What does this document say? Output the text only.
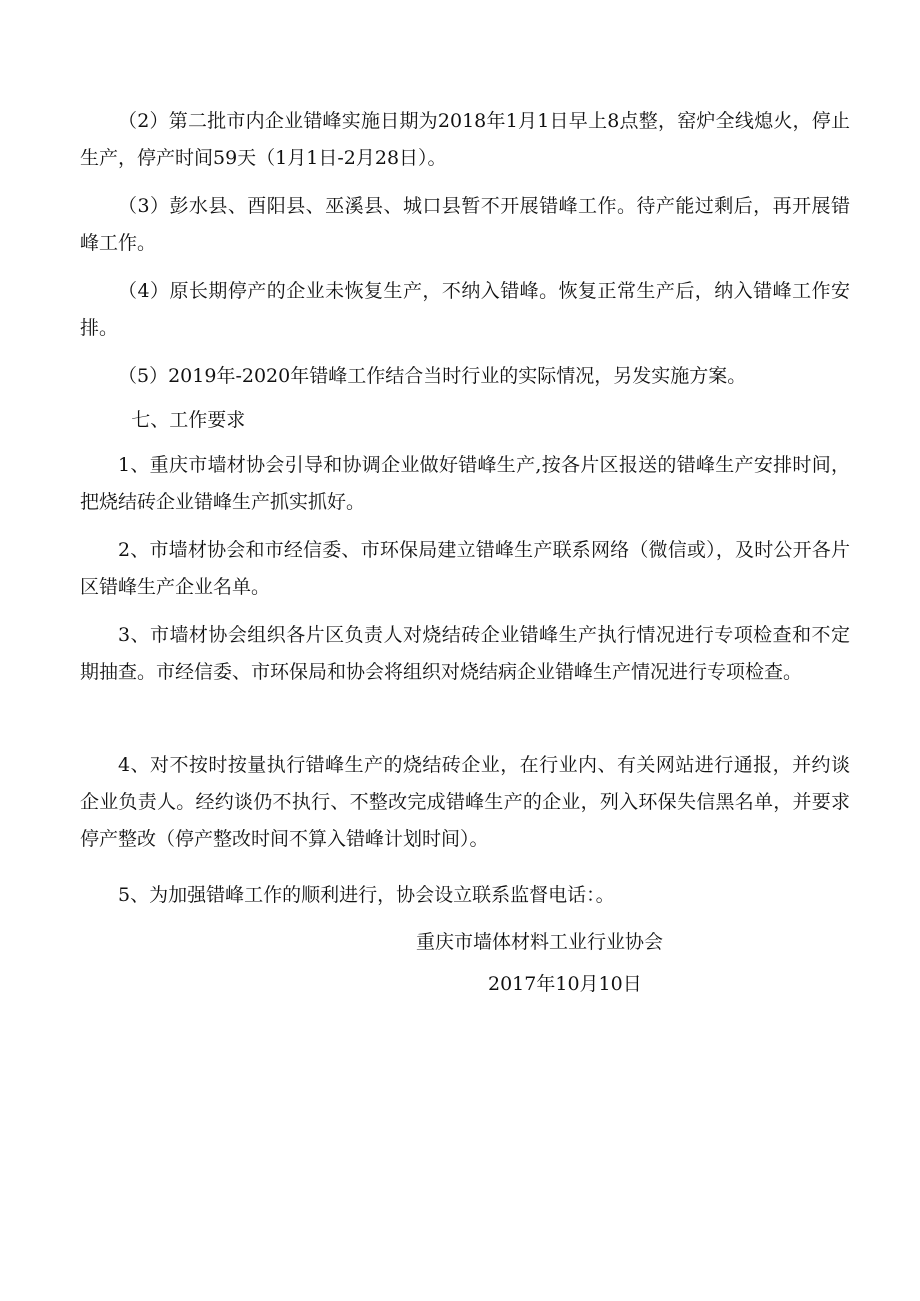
（2）第二批市内企业错峰实施日期为2018年1月1日早上8点整，窑炉全线熄火，停止生产，停产时间59天（1月1日-2月28日）。

（3）彭水县、酉阳县、巫溪县、城口县暂不开展错峰工作。待产能过剩后，再开展错峰工作。

（4）原长期停产的企业未恢复生产，不纳入错峰。恢复正常生产后，纳入错峰工作安排。

（5）2019年-2020年错峰工作结合当时行业的实际情况，另发实施方案。

七、工作要求

1、重庆市墙材协会引导和协调企业做好错峰生产,按各片区报送的错峰生产安排时间，把烧结砖企业错峰生产抓实抓好。

2、市墙材协会和市经信委、市环保局建立错峰生产联系网络（微信或），及时公开各片区错峰生产企业名单。

3、市墙材协会组织各片区负责人对烧结砖企业错峰生产执行情况进行专项检查和不定期抽查。市经信委、市环保局和协会将组织对烧结病企业错峰生产情况进行专项检查。

4、对不按时按量执行错峰生产的烧结砖企业，在行业内、有关网站进行通报，并约谈企业负责人。经约谈仍不执行、不整改完成错峰生产的企业，列入环保失信黑名单，并要求停产整改（停产整改时间不算入错峰计划时间）。

5、为加强错峰工作的顺利进行，协会设立联系监督电话：。

重庆市墙体材料工业行业协会

2017年10月10日
